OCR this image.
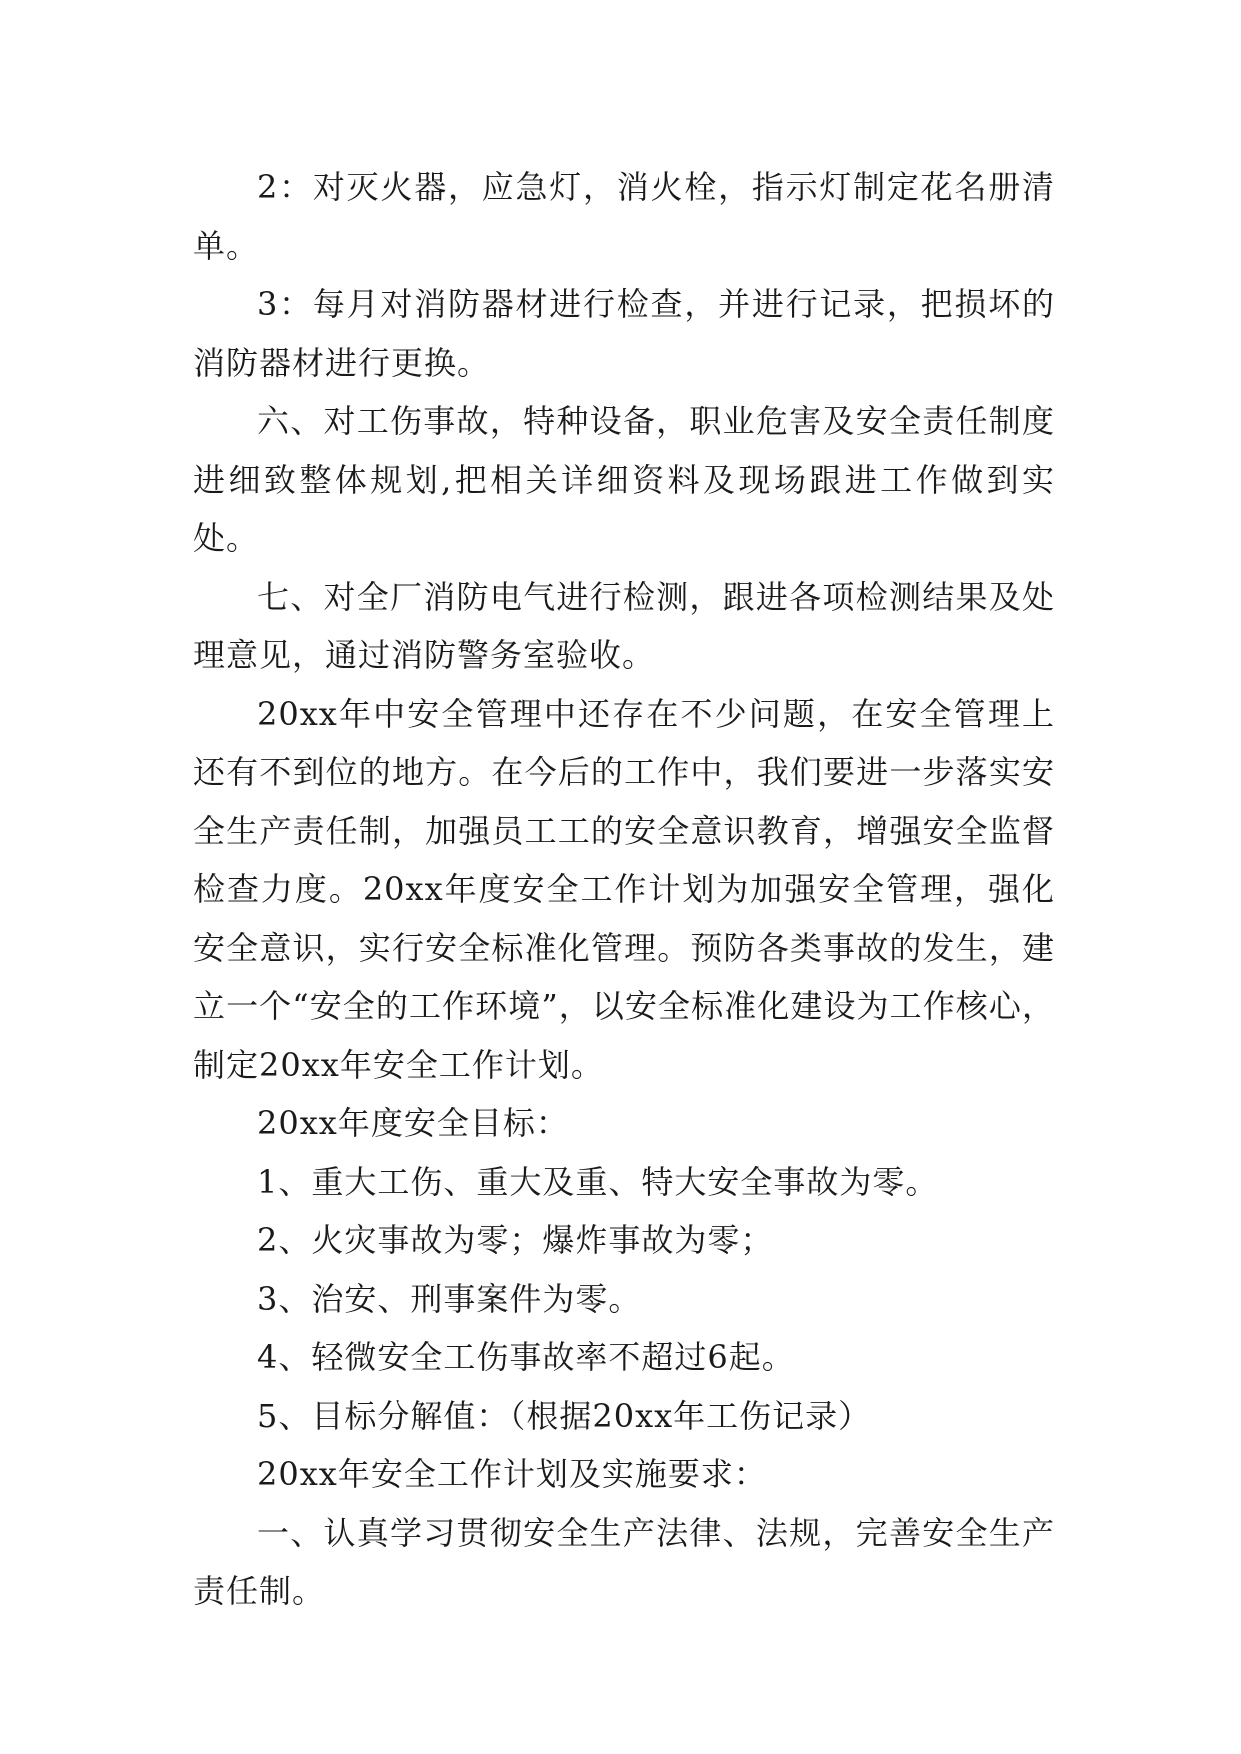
2：对灭火器，应急灯，消火栓，指示灯制定花名册清单。

3：每月对消防器材进行检查，并进行记录，把损坏的消防器材进行更换。

六、对工伤事故，特种设备，职业危害及安全责任制度进细致整体规划,把相关详细资料及现场跟进工作做到实处。

七、对全厂消防电气进行检测，跟进各项检测结果及处理意见，通过消防警务室验收。

20xx年中安全管理中还存在不少问题，在安全管理上还有不到位的地方。在今后的工作中，我们要进一步落实安全生产责任制，加强员工工的安全意识教育，增强安全监督检查力度。20xx年度安全工作计划为加强安全管理，强化安全意识，实行安全标准化管理。预防各类事故的发生，建立一个“安全的工作环境”，以安全标准化建设为工作核心，制定20xx年安全工作计划。

20xx年度安全目标：

1、重大工伤、重大及重、特大安全事故为零。

2、火灾事故为零；爆炸事故为零；

3、治安、刑事案件为零。

4、轻微安全工伤事故率不超过6起。

5、目标分解值：（根据20xx年工伤记录）

20xx年安全工作计划及实施要求：

一、认真学习贯彻安全生产法律、法规，完善安全生产责任制。
